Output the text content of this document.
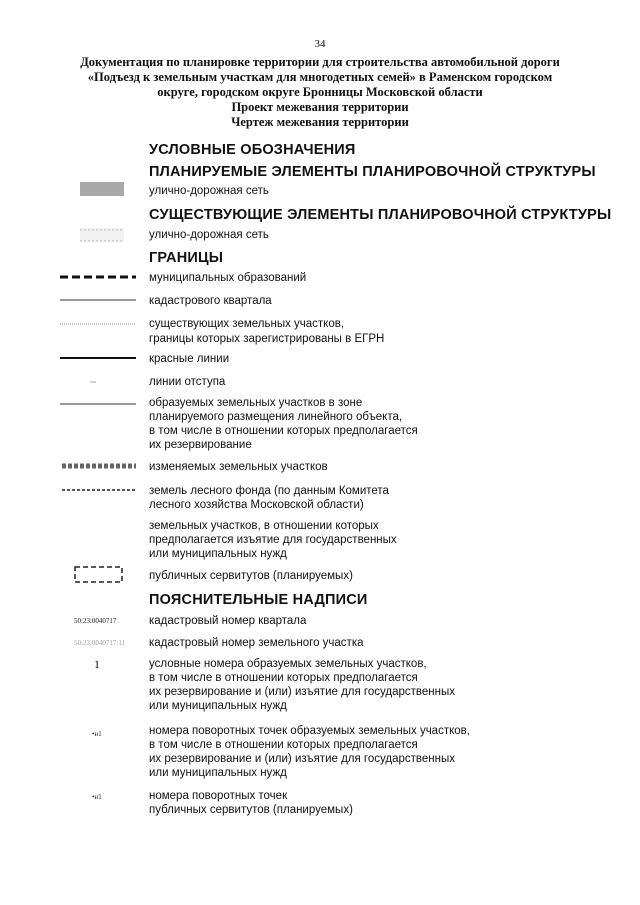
34
Документация по планировке территории для строительства автомобильной дороги
«Подъезд к земельным участкам для многодетных семей» в Раменском городском
округе, городском округе Бронницы Московской области
Проект межевания территории
Чертеж межевания территории
УСЛОВНЫЕ ОБОЗНАЧЕНИЯ
ПЛАНИРУЕМЫЕ ЭЛЕМЕНТЫ ПЛАНИРОВОЧНОЙ СТРУКТУРЫ
улично-дорожная сеть
СУЩЕСТВУЮЩИЕ ЭЛЕМЕНТЫ ПЛАНИРОВОЧНОЙ СТРУКТУРЫ
улично-дорожная сеть
ГРАНИЦЫ
муниципальных образований
кадастрового квартала
существующих земельных участков,
границы которых зарегистрированы в ЕГРН
красные линии
линии отступа
образуемых земельных участков в зоне
планируемого размещения линейного объекта,
в том числе в отношении которых предполагается
их резервирование
изменяемых земельных участков
земель лесного фонда (по данным Комитета
лесного хозяйства Московской области)
земельных участков, в отношении которых
предполагается изъятие для государственных
или муниципальных нужд
публичных сервитутов (планируемых)
ПОЯСНИТЕЛЬНЫЕ НАДПИСИ
50:23:0040717	кадастровый номер квартала
50:23:0040717:11 кадастровый номер земельного участка
1	условные номера образуемых земельных участков,
в том числе в отношении которых предполагается
их резервирование и (или) изъятие для государственных
или муниципальных нужд
•н1	номера поворотных точек образуемых земельных участков,
в том числе в отношении которых предполагается
их резервирование и (или) изъятие для государственных
или муниципальных нужд
•н1	номера поворотных точек
публичных сервитутов (планируемых)
